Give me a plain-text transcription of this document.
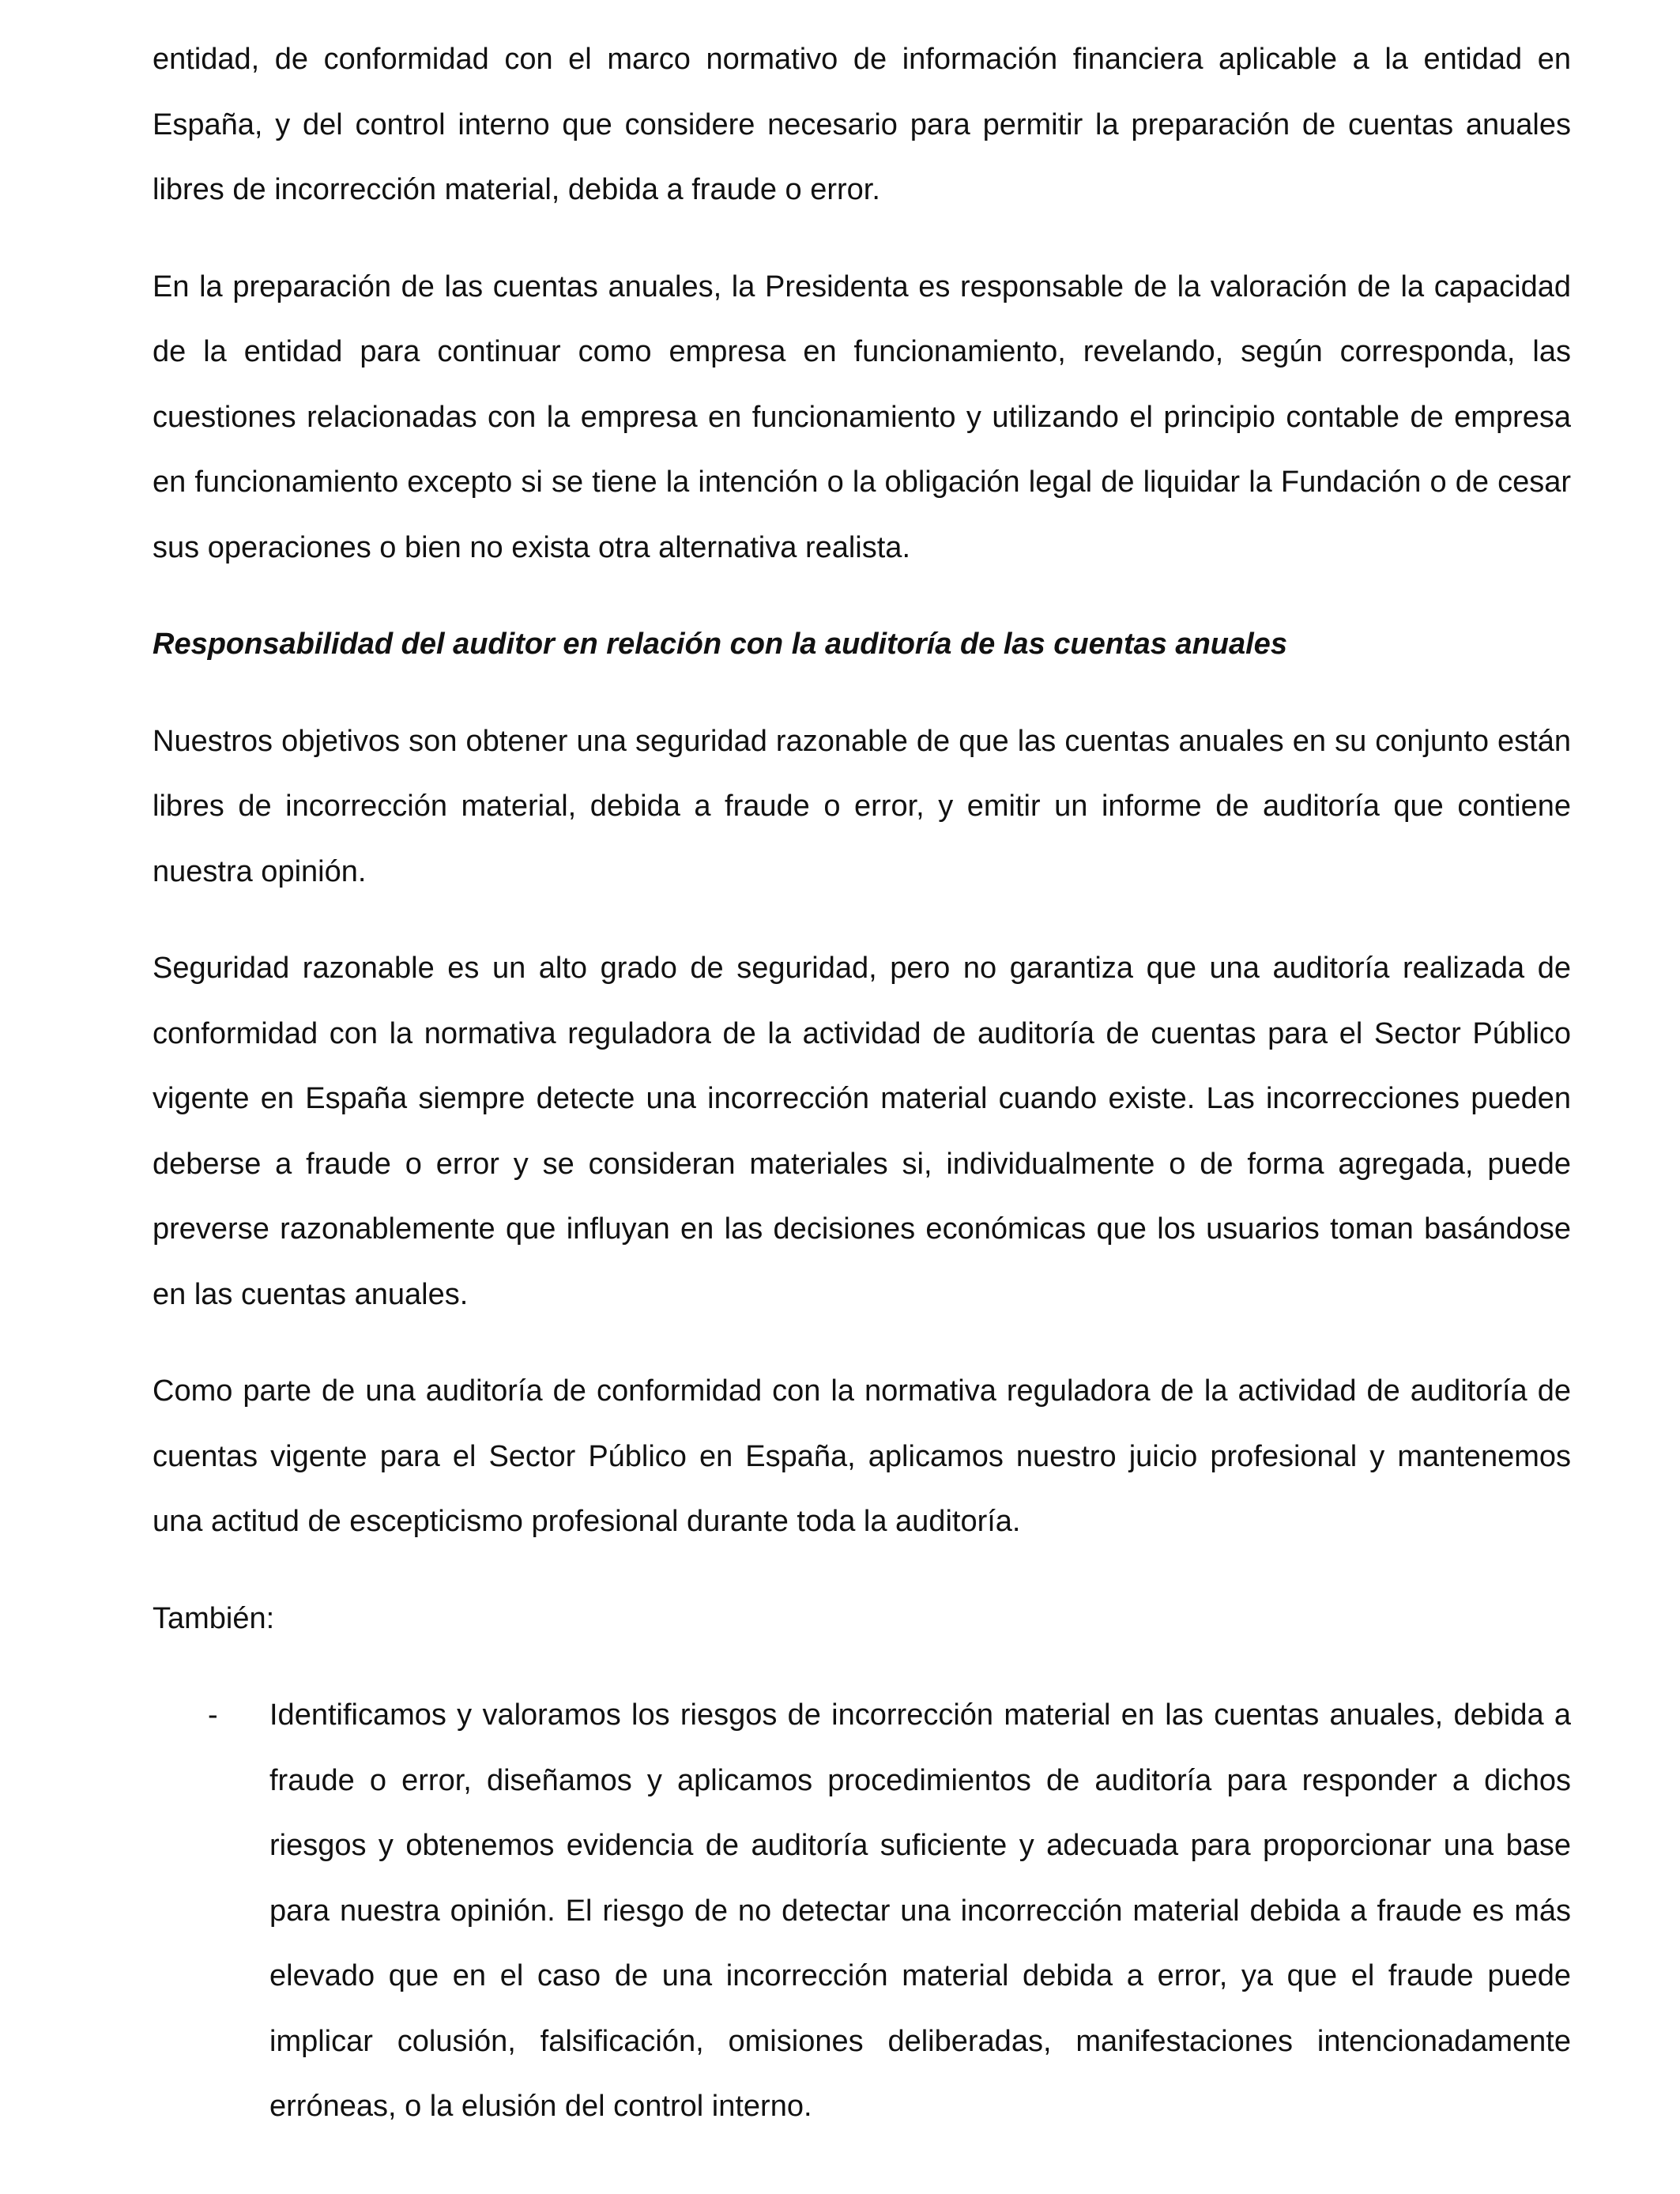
entidad, de conformidad con el marco normativo de información financiera aplicable a la entidad en España, y del control interno que considere necesario para permitir la preparación de cuentas anuales libres de incorrección material, debida a fraude o error.

En la preparación de las cuentas anuales, la Presidenta es responsable de la valoración de la capacidad de la entidad para continuar como empresa en funcionamiento, revelando, según corresponda, las cuestiones relacionadas con la empresa en funcionamiento y utilizando el principio contable de empresa en funcionamiento excepto si se tiene la intención o la obligación legal de liquidar la Fundación o de cesar sus operaciones o bien no exista otra alternativa realista.

Responsabilidad del auditor en relación con la auditoría de las cuentas anuales

Nuestros objetivos son obtener una seguridad razonable de que las cuentas anuales en su conjunto están libres de incorrección material, debida a fraude o error, y emitir un informe de auditoría que contiene nuestra opinión.

Seguridad razonable es un alto grado de seguridad, pero no garantiza que una auditoría realizada de conformidad con la normativa reguladora de la actividad de auditoría de cuentas para el Sector Público vigente en España siempre detecte una incorrección material cuando existe. Las incorrecciones pueden deberse a fraude o error y se consideran materiales si, individualmente o de forma agregada, puede preverse razonablemente que influyan en las decisiones económicas que los usuarios toman basándose en las cuentas anuales.

Como parte de una auditoría de conformidad con la normativa reguladora de la actividad de auditoría de cuentas vigente para el Sector Público en España, aplicamos nuestro juicio profesional y mantenemos una actitud de escepticismo profesional durante toda la auditoría.

También:

- Identificamos y valoramos los riesgos de incorrección material en las cuentas anuales, debida a fraude o error, diseñamos y aplicamos procedimientos de auditoría para responder a dichos riesgos y obtenemos evidencia de auditoría suficiente y adecuada para proporcionar una base para nuestra opinión. El riesgo de no detectar una incorrección material debida a fraude es más elevado que en el caso de una incorrección material debida a error, ya que el fraude puede implicar colusión, falsificación, omisiones deliberadas, manifestaciones intencionadamente erróneas, o la elusión del control interno.
